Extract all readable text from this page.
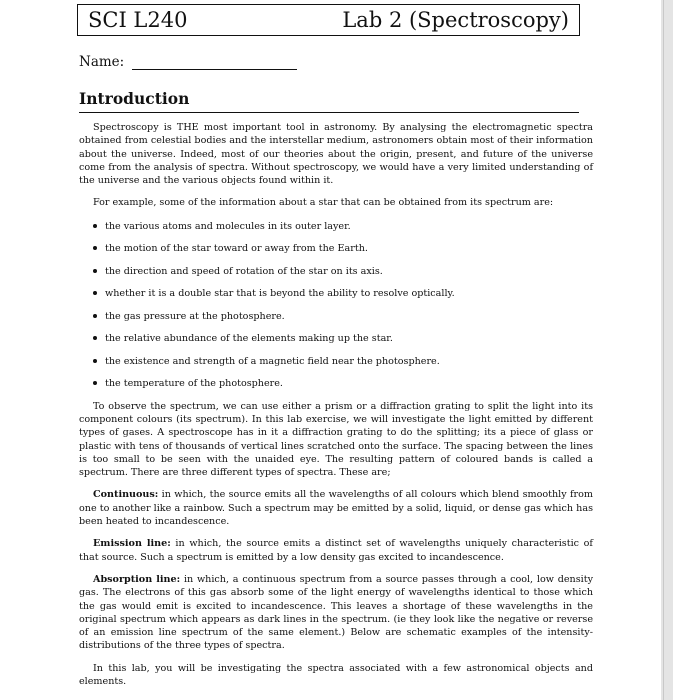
SCI L240	Lab 2 (Spectroscopy)
Name:
Introduction

Spectroscopy is THE most important tool in astronomy. By analysing the electromagnetic spectra obtained from celestial bodies and the interstellar medium, astronomers obtain most of their information about the universe. Indeed, most of our theories about the origin, present, and future of the universe come from the analysis of spectra. Without spectroscopy, we would have a very limited understanding of the universe and the various objects found within it.

For example, some of the information about a star that can be obtained from its spectrum are:

the various atoms and molecules in its outer layer.
the motion of the star toward or away from the Earth.
the direction and speed of rotation of the star on its axis.
whether it is a double star that is beyond the ability to resolve optically.
the gas pressure at the photosphere.
the relative abundance of the elements making up the star.
the existence and strength of a magnetic field near the photosphere.
the temperature of the photosphere.

To observe the spectrum, we can use either a prism or a diffraction grating to split the light into its component colours (its spectrum). In this lab exercise, we will investigate the light emitted by different types of gases. A spectroscope has in it a diffraction grating to do the splitting; its a piece of glass or plastic with tens of thousands of vertical lines scratched onto the surface. The spacing between the lines is too small to be seen with the unaided eye. The resulting pattern of coloured bands is called a spectrum. There are three different types of spectra. These are;

Continuous: in which, the source emits all the wavelengths of all colours which blend smoothly from one to another like a rainbow. Such a spectrum may be emitted by a solid, liquid, or dense gas which has been heated to incandescence.

Emission line: in which, the source emits a distinct set of wavelengths uniquely characteristic of that source. Such a spectrum is emitted by a low density gas excited to incandescence.

Absorption line: in which, a continuous spectrum from a source passes through a cool, low density gas. The electrons of this gas absorb some of the light energy of wavelengths identical to those which the gas would emit is excited to incandescence. This leaves a shortage of these wavelengths in the original spectrum which appears as dark lines in the spectrum. (ie they look like the negative or reverse of an emission line spectrum of the same element.) Below are schematic examples of the intensity-distributions of the three types of spectra.

In this lab, you will be investigating the spectra associated with a few astronomical objects and elements.
